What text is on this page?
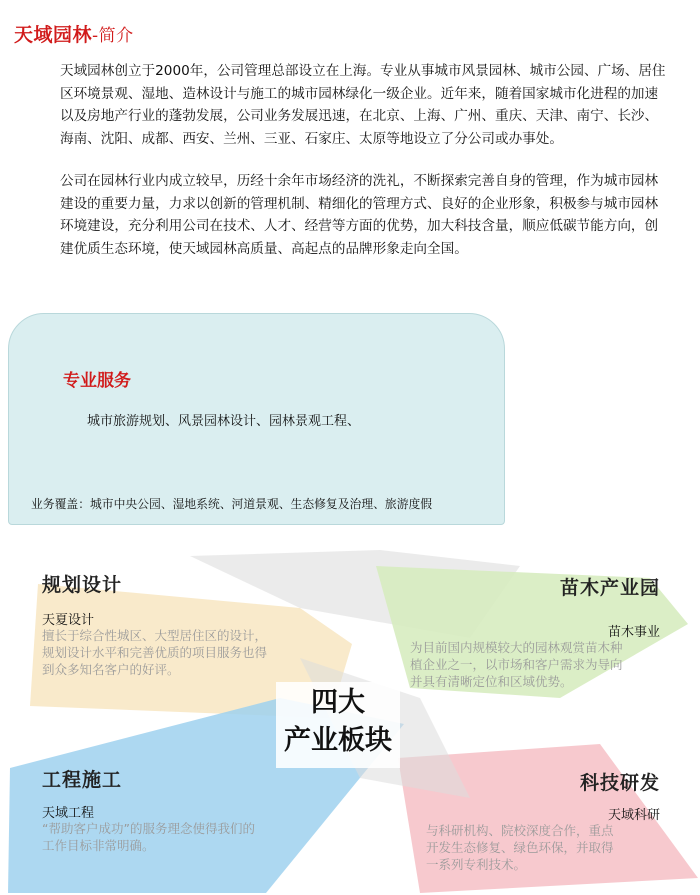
天域园林-简介

天域园林创立于2000年，公司管理总部设立在上海。专业从事城市风景园林、城市公园、广场、居住区环境景观、湿地、造林设计与施工的城市园林绿化一级企业。近年来，随着国家城市化进程的加速以及房地产行业的蓬勃发展，公司业务发展迅速，在北京、上海、广州、重庆、天津、南宁、长沙、海南、沈阳、成都、西安、兰州、三亚、石家庄、太原等地设立了分公司或办事处。

公司在园林行业内成立较早，历经十余年市场经济的洗礼，不断探索完善自身的管理，作为城市园林建设的重要力量，力求以创新的管理机制、精细化的管理方式、良好的企业形象，积极参与城市园林环境建设，充分利用公司在技术、人才、经营等方面的优势，加大科技含量，顺应低碳节能方向，创建优质生态环境，使天域园林高质量、高起点的品牌形象走向全国。

专业服务

城市旅游规划、风景园林设计、园林景观工程、

业务覆盖：城市中央公园、湿地系统、河道景观、生态修复及治理、旅游度假

四大
产业板块

规划设计

天夏设计

擅长于综合性城区、大型居住区的设计，
规划设计水平和完善优质的项目服务也得
到众多知名客户的好评。

苗木产业园

苗木事业

为目前国内规模较大的园林观赏苗木种
植企业之一，以市场和客户需求为导向
并具有清晰定位和区域优势。

工程施工

天域工程

“帮助客户成功”的服务理念使得我们的
工作目标非常明确。

科技研发

天域科研

与科研机构、院校深度合作，重点
开发生态修复、绿色环保，并取得
一系列专利技术。
